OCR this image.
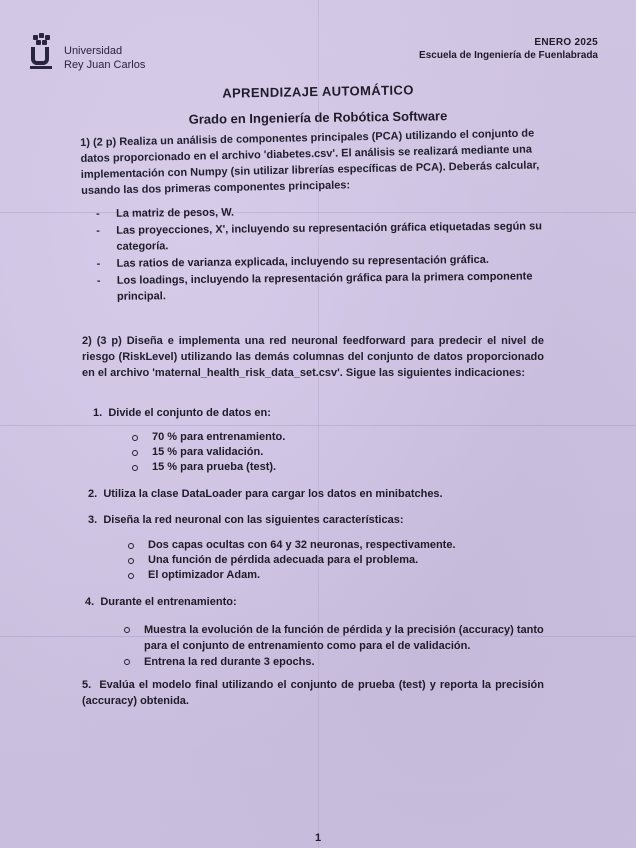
Universidad
Rey Juan Carlos
ENERO 2025
Escuela de Ingeniería de Fuenlabrada
APRENDIZAJE AUTOMÁTICO
Grado en Ingeniería de Robótica Software
1) (2 p) Realiza un análisis de componentes principales (PCA) utilizando el conjunto de datos proporcionado en el archivo 'diabetes.csv'. El análisis se realizará mediante una implementación con Numpy (sin utilizar librerías específicas de PCA). Deberás calcular, usando las dos primeras componentes principales:
- La matriz de pesos, W.
- Las proyecciones, X', incluyendo su representación gráfica etiquetadas según su categoría.
- Las ratios de varianza explicada, incluyendo su representación gráfica.
- Los loadings, incluyendo la representación gráfica para la primera componente principal.
2) (3 p) Diseña e implementa una red neuronal feedforward para predecir el nivel de riesgo (RiskLevel) utilizando las demás columnas del conjunto de datos proporcionado en el archivo 'maternal_health_risk_data_set.csv'. Sigue las siguientes indicaciones:
1. Divide el conjunto de datos en:
70 % para entrenamiento.
15 % para validación.
15 % para prueba (test).
2. Utiliza la clase DataLoader para cargar los datos en minibatches.
3. Diseña la red neuronal con las siguientes características:
Dos capas ocultas con 64 y 32 neuronas, respectivamente.
Una función de pérdida adecuada para el problema.
El optimizador Adam.
4. Durante el entrenamiento:
Muestra la evolución de la función de pérdida y la precisión (accuracy) tanto para el conjunto de entrenamiento como para el de validación.
Entrena la red durante 3 epochs.
5. Evalúa el modelo final utilizando el conjunto de prueba (test) y reporta la precisión (accuracy) obtenida.
1
